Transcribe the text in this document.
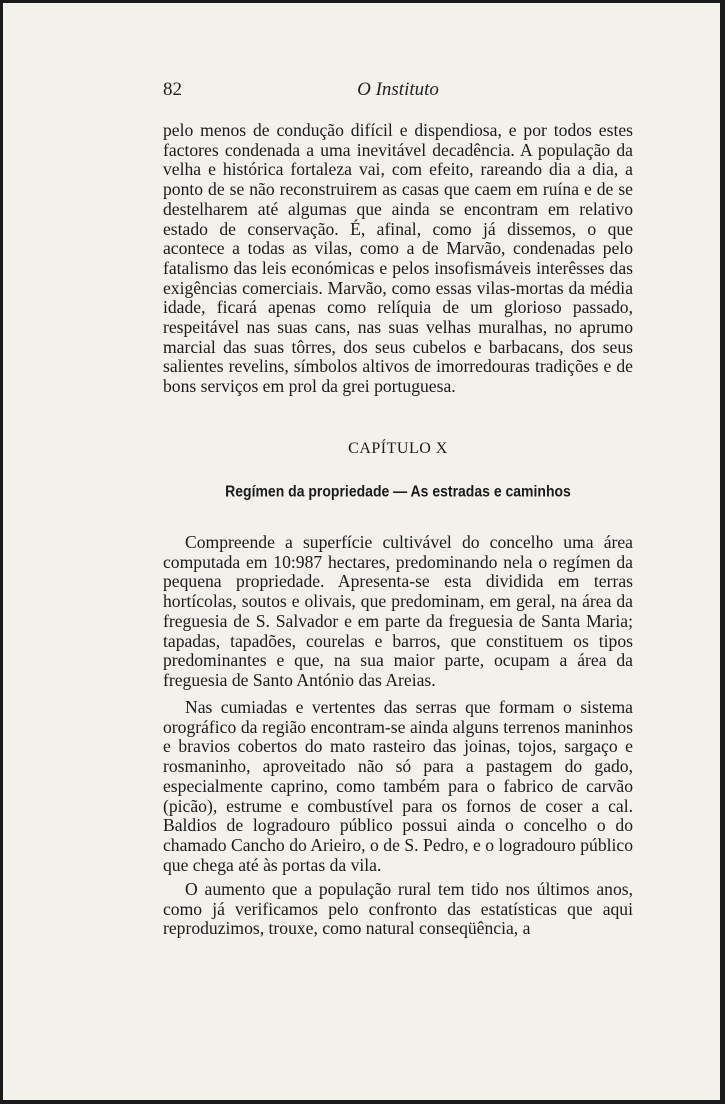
82	O Instituto

pelo menos de condução difícil e dispendiosa, e por todos estes factores condenada a uma inevitável decadência. A população da velha e histórica fortaleza vai, com efeito, rareando dia a dia, a ponto de se não reconstruirem as casas que caem em ruína e de se destelharem até algumas que ainda se encontram em relativo estado de conservação. É, afinal, como já dissemos, o que acontece a todas as vilas, como a de Marvão, condenadas pelo fatalismo das leis económicas e pelos insofismáveis interêsses das exigências comerciais. Marvão, como essas vilas-mortas da média idade, ficará apenas como relíquia de um glorioso passado, respeitável nas suas cans, nas suas velhas muralhas, no aprumo marcial das suas tôrres, dos seus cubelos e barbacans, dos seus salientes revelins, símbolos altivos de imorredouras tradições e de bons serviços em prol da grei portuguesa.

CAPÍTULO X
Regímen da propriedade — As estradas e caminhos

Compreende a superfície cultivável do concelho uma área computada em 10:987 hectares, predominando nela o regímen da pequena propriedade. Apresenta-se esta dividida em terras hortícolas, soutos e olivais, que predominam, em geral, na área da freguesia de S. Salvador e em parte da freguesia de Santa Maria; tapadas, tapadões, courelas e barros, que constituem os tipos predominantes e que, na sua maior parte, ocupam a área da freguesia de Santo António das Areias.

Nas cumiadas e vertentes das serras que formam o sistema orográfico da região encontram-se ainda alguns terrenos maninhos e bravios cobertos do mato rasteiro das joinas, tojos, sargaço e rosmaninho, aproveitado não só para a pastagem do gado, especialmente caprino, como também para o fabrico de carvão (picão), estrume e combustível para os fornos de coser a cal. Baldios de logradouro público possui ainda o concelho o do chamado Cancho do Arieiro, o de S. Pedro, e o logradouro público que chega até às portas da vila.

O aumento que a população rural tem tido nos últimos anos, como já verificamos pelo confronto das estatísticas que aqui reproduzimos, trouxe, como natural conseqüência, a
